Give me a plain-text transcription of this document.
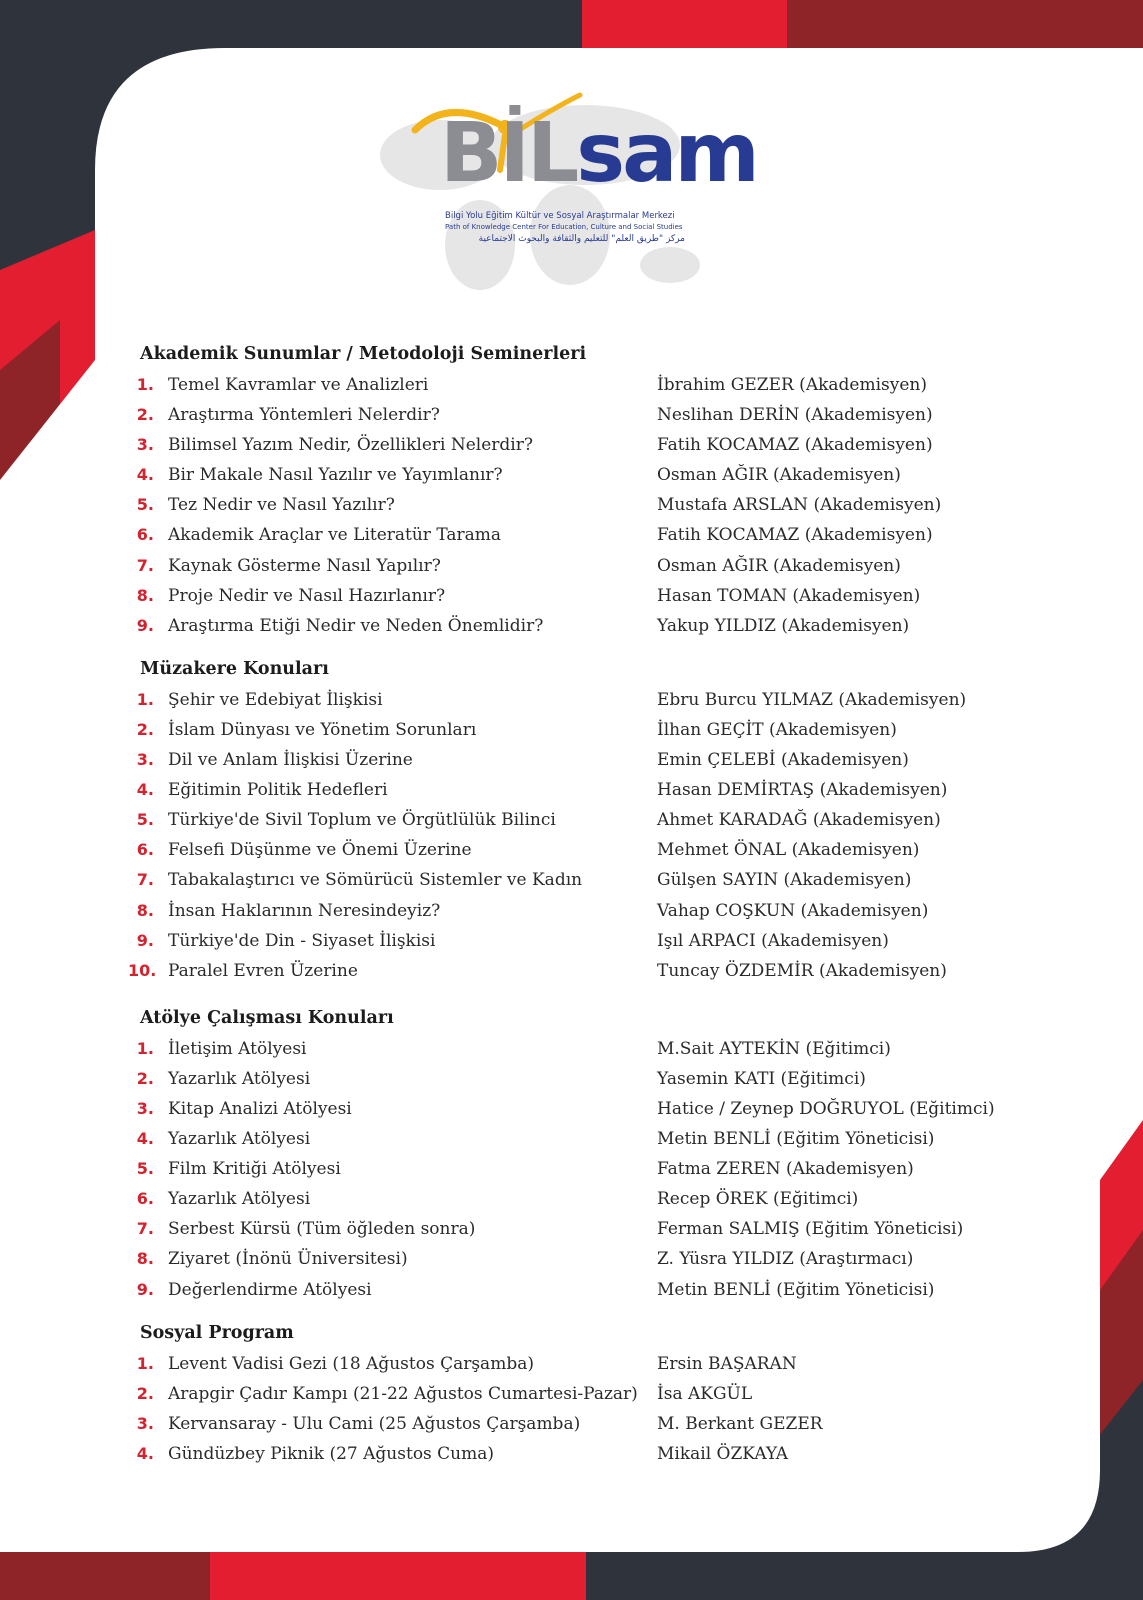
BİLsam
Bilgi Yolu Eğitim Kültür ve Sosyal Araştırmalar Merkezi
Path of Knowledge Center For Education, Culture and Social Studies
مركز "طريق العلم" للتعليم والثقافة والبحوث الاجتماعية
Akademik Sunumlar / Metodoloji Seminerleri
1. Temel Kavramlar ve Analizleri	İbrahim GEZER (Akademisyen)
2. Araştırma Yöntemleri Nelerdir?	Neslihan DERİN (Akademisyen)
3. Bilimsel Yazım Nedir, Özellikleri Nelerdir?	Fatih KOCAMAZ (Akademisyen)
4. Bir Makale Nasıl Yazılır ve Yayımlanır?	Osman AĞIR (Akademisyen)
5. Tez Nedir ve Nasıl Yazılır?	Mustafa ARSLAN (Akademisyen)
6. Akademik Araçlar ve Literatür Tarama	Fatih KOCAMAZ (Akademisyen)
7. Kaynak Gösterme Nasıl Yapılır?	Osman AĞIR (Akademisyen)
8. Proje Nedir ve Nasıl Hazırlanır?	Hasan TOMAN (Akademisyen)
9. Araştırma Etiği Nedir ve Neden Önemlidir?	Yakup YILDIZ (Akademisyen)
Müzakere Konuları
1. Şehir ve Edebiyat İlişkisi	Ebru Burcu YILMAZ (Akademisyen)
2. İslam Dünyası ve Yönetim Sorunları	İlhan GEÇİT (Akademisyen)
3. Dil ve Anlam İlişkisi Üzerine	Emin ÇELEBİ (Akademisyen)
4. Eğitimin Politik Hedefleri	Hasan DEMİRTAŞ (Akademisyen)
5. Türkiye'de Sivil Toplum ve Örgütlülük Bilinci	Ahmet KARADAĞ (Akademisyen)
6. Felsefi Düşünme ve Önemi Üzerine	Mehmet ÖNAL (Akademisyen)
7. Tabakalaştırıcı ve Sömürücü Sistemler ve Kadın	Gülşen SAYIN (Akademisyen)
8. İnsan Haklarının Neresindeyiz?	Vahap COŞKUN (Akademisyen)
9. Türkiye'de Din - Siyaset İlişkisi	Işıl ARPACI (Akademisyen)
10. Paralel Evren Üzerine	Tuncay ÖZDEMİR (Akademisyen)
Atölye Çalışması Konuları
1. İletişim Atölyesi	M.Sait AYTEKİN (Eğitimci)
2. Yazarlık Atölyesi	Yasemin KATI (Eğitimci)
3. Kitap Analizi Atölyesi	Hatice / Zeynep DOĞRUYOL (Eğitimci)
4. Yazarlık Atölyesi	Metin BENLİ (Eğitim Yöneticisi)
5. Film Kritiği Atölyesi	Fatma ZEREN (Akademisyen)
6. Yazarlık Atölyesi	Recep ÖREK (Eğitimci)
7. Serbest Kürsü (Tüm öğleden sonra)	Ferman SALMIŞ (Eğitim Yöneticisi)
8. Ziyaret (İnönü Üniversitesi)	Z. Yüsra YILDIZ (Araştırmacı)
9. Değerlendirme Atölyesi	Metin BENLİ (Eğitim Yöneticisi)
Sosyal Program
1. Levent Vadisi Gezi (18 Ağustos Çarşamba)	Ersin BAŞARAN
2. Arapgir Çadır Kampı (21-22 Ağustos Cumartesi-Pazar) İsa AKGÜL
3. Kervansaray - Ulu Cami (25 Ağustos Çarşamba)	M. Berkant GEZER
4. Gündüzbey Piknik (27 Ağustos Cuma)	Mikail ÖZKAYA
